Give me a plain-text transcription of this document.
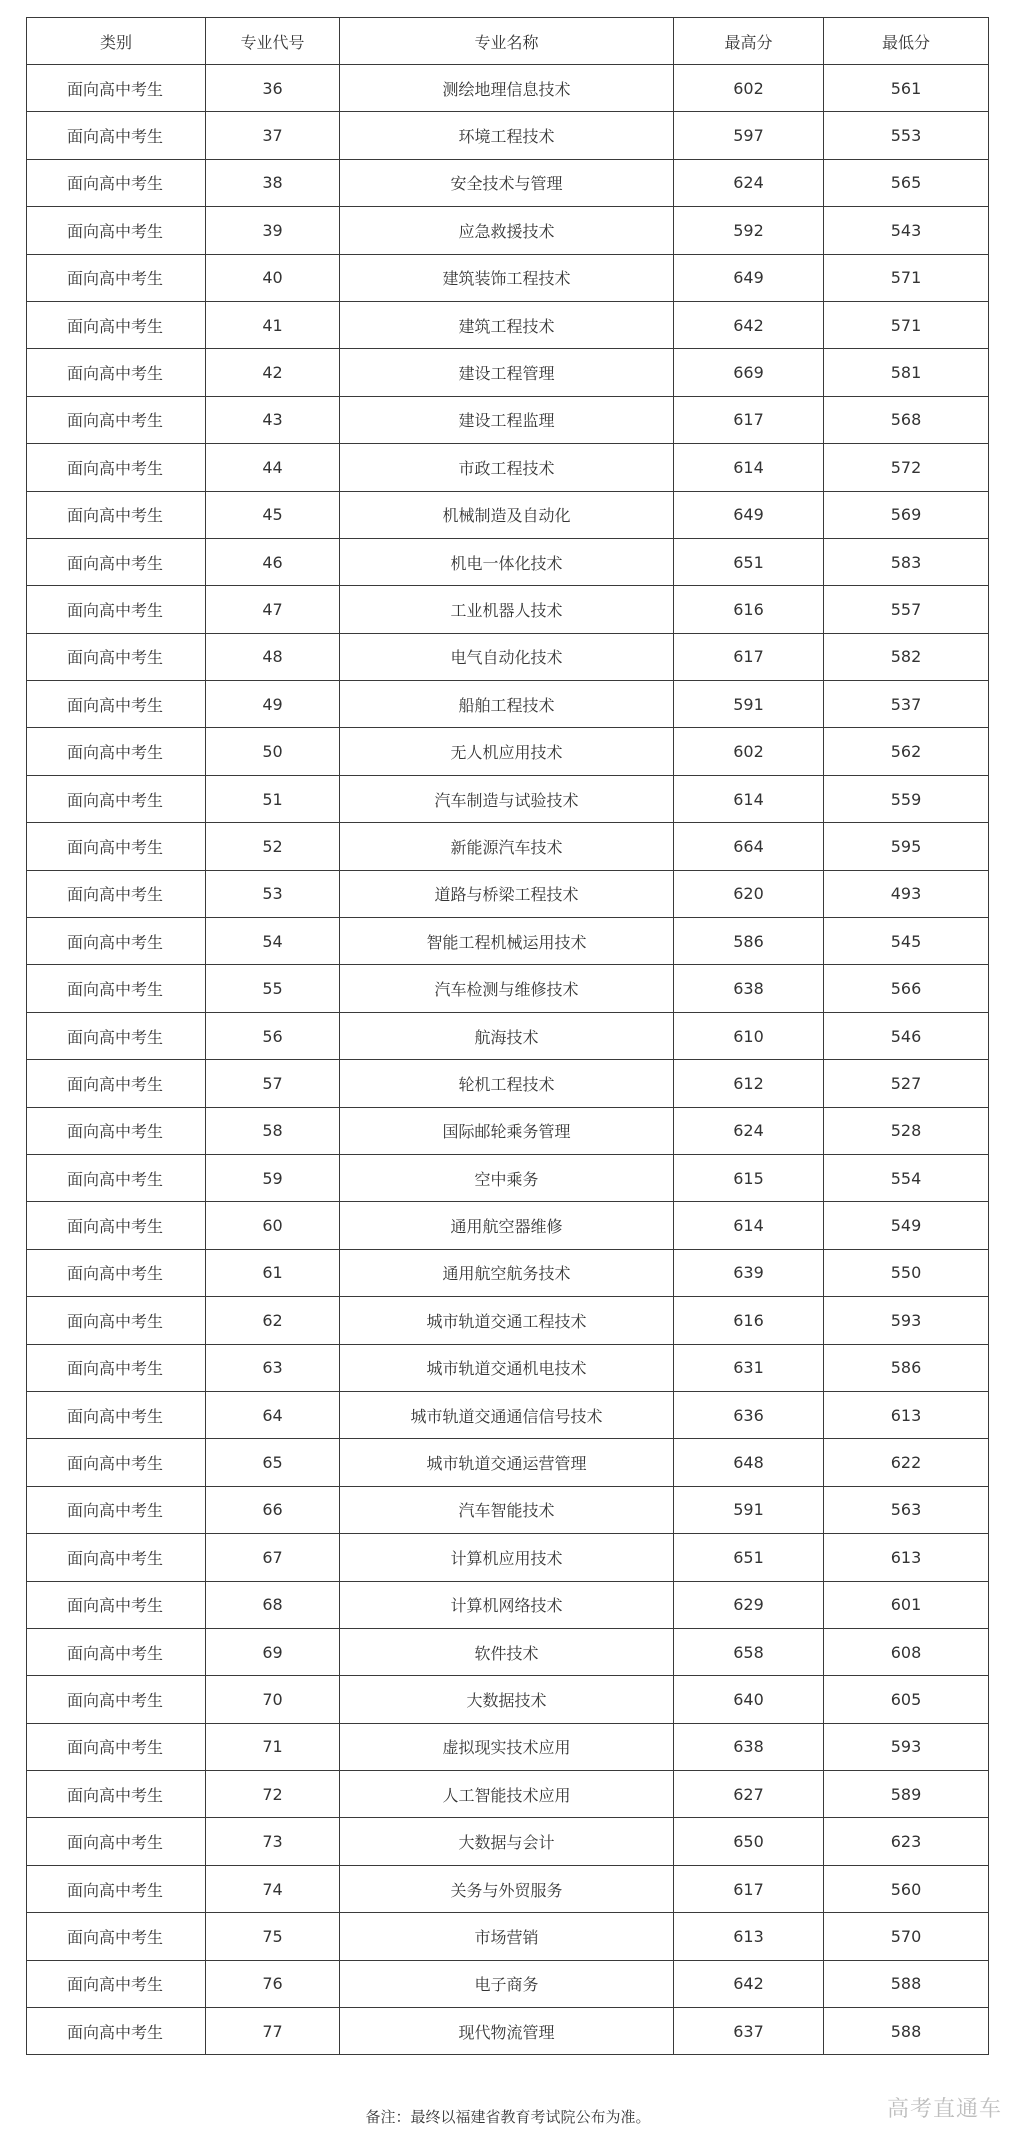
类别	专业代号	专业名称	最高分	最低分
面向高中考生	36	测绘地理信息技术	602	561
面向高中考生	37	环境工程技术	597	553
面向高中考生	38	安全技术与管理	624	565
面向高中考生	39	应急救援技术	592	543
面向高中考生	40	建筑装饰工程技术	649	571
面向高中考生	41	建筑工程技术	642	571
面向高中考生	42	建设工程管理	669	581
面向高中考生	43	建设工程监理	617	568
面向高中考生	44	市政工程技术	614	572
面向高中考生	45	机械制造及自动化	649	569
面向高中考生	46	机电一体化技术	651	583
面向高中考生	47	工业机器人技术	616	557
面向高中考生	48	电气自动化技术	617	582
面向高中考生	49	船舶工程技术	591	537
面向高中考生	50	无人机应用技术	602	562
面向高中考生	51	汽车制造与试验技术	614	559
面向高中考生	52	新能源汽车技术	664	595
面向高中考生	53	道路与桥梁工程技术	620	493
面向高中考生	54	智能工程机械运用技术	586	545
面向高中考生	55	汽车检测与维修技术	638	566
面向高中考生	56	航海技术	610	546
面向高中考生	57	轮机工程技术	612	527
面向高中考生	58	国际邮轮乘务管理	624	528
面向高中考生	59	空中乘务	615	554
面向高中考生	60	通用航空器维修	614	549
面向高中考生	61	通用航空航务技术	639	550
面向高中考生	62	城市轨道交通工程技术	616	593
面向高中考生	63	城市轨道交通机电技术	631	586
面向高中考生	64	城市轨道交通通信信号技术	636	613
面向高中考生	65	城市轨道交通运营管理	648	622
面向高中考生	66	汽车智能技术	591	563
面向高中考生	67	计算机应用技术	651	613
面向高中考生	68	计算机网络技术	629	601
面向高中考生	69	软件技术	658	608
面向高中考生	70	大数据技术	640	605
面向高中考生	71	虚拟现实技术应用	638	593
面向高中考生	72	人工智能技术应用	627	589
面向高中考生	73	大数据与会计	650	623
面向高中考生	74	关务与外贸服务	617	560
面向高中考生	75	市场营销	613	570
面向高中考生	76	电子商务	642	588
面向高中考生	77	现代物流管理	637	588
备注：最终以福建省教育考试院公布为准。	高考直通车
